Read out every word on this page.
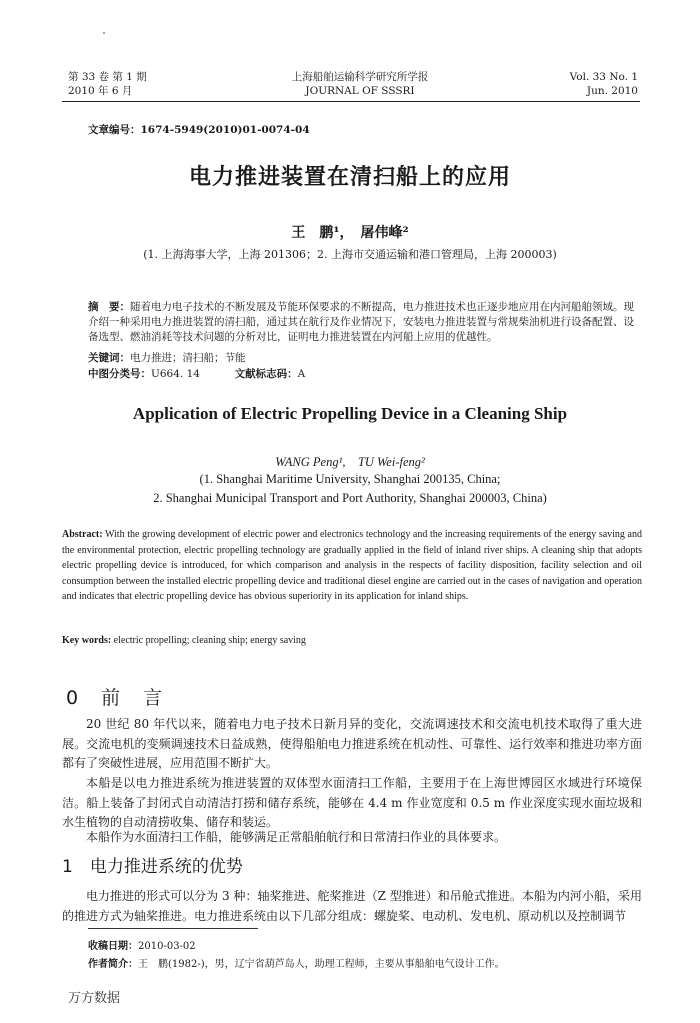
第 33 卷 第 1 期
2010 年 6 月
上海船舶运输科学研究所学报
JOURNAL OF SSSRI
Vol. 33 No. 1
Jun. 2010
文章编号：1674-5949(2010)01-0074-04
电力推进装置在清扫船上的应用
王　鹏¹，　屠伟峰²
(1. 上海海事大学，上海 201306；2. 上海市交通运输和港口管理局，上海 200003)
摘　要：随着电力电子技术的不断发展及节能环保要求的不断提高，电力推进技术也正逐步地应用在内河船舶领域。现介绍一种采用电力推进装置的清扫船，通过其在航行及作业情况下，安装电力推进装置与常规柴油机进行设备配置、设备选型、燃油消耗等技术问题的分析对比，证明电力推进装置在内河船上应用的优越性。
关键词：电力推进；清扫船；节能
中图分类号：U664. 14	文献标志码：A
Application of Electric Propelling Device in a Cleaning Ship
WANG Peng¹,　TU Wei-feng²
(1. Shanghai Maritime University, Shanghai 200135, China;
2. Shanghai Municipal Transport and Port Authority, Shanghai 200003, China)
Abstract: With the growing development of electric power and electronics technology and the increasing requirements of the energy saving and the environmental protection, electric propelling technology are gradually applied in the field of inland river ships. A cleaning ship that adopts electric propelling device is introduced, for which comparison and analysis in the respects of facility disposition, facility selection and oil consumption between the installed electric propelling device and traditional diesel engine are carried out in the cases of navigation and operation and indicates that electric propelling device has obvious superiority in its application for inland ships.
Key words: electric propelling; cleaning ship; energy saving
0　前　言
20 世纪 80 年代以来，随着电力电子技术日新月异的变化，交流调速技术和交流电机技术取得了重大进展。交流电机的变频调速技术日益成熟，使得船舶电力推进系统在机动性、可靠性、运行效率和推进功率方面都有了突破性进展，应用范围不断扩大。
本船是以电力推进系统为推进装置的双体型水面清扫工作船，主要用于在上海世博园区水域进行环境保洁。船上装备了封闭式自动清洁打捞和储存系统，能够在 4.4 m 作业宽度和 0.5 m 作业深度实现水面垃圾和水生植物的自动清捞收集、储存和装运。
本船作为水面清扫工作船，能够满足正常船舶航行和日常清扫作业的具体要求。
1　电力推进系统的优势
电力推进的形式可以分为 3 种：轴桨推进、舵桨推进（Z 型推进）和吊舱式推进。本船为内河小船，采用的推进方式为轴桨推进。电力推进系统由以下几部分组成：螺旋桨、电动机、发电机、原动机以及控制调节
收稿日期：2010-03-02
作者简介：王　鹏(1982-)，男，辽宁省葫芦岛人，助理工程师，主要从事船舶电气设计工作。
万方数据
